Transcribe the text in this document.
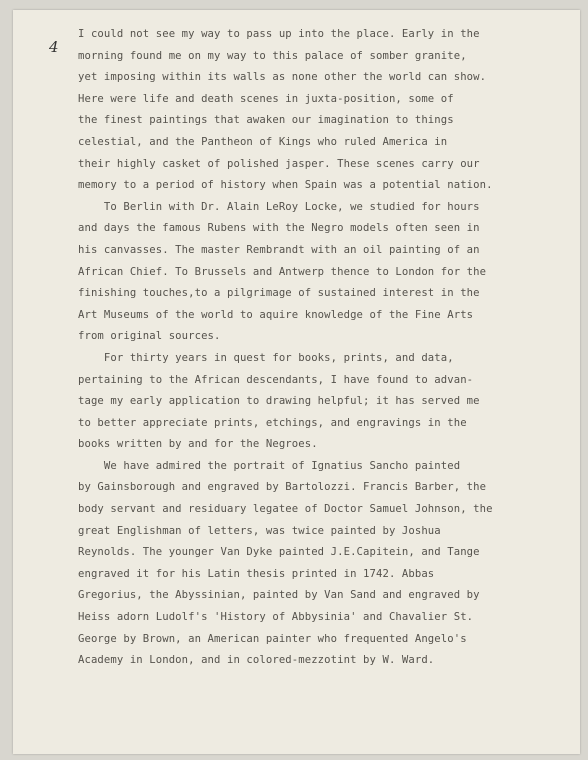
4
I could not see my way to pass up into the place. Early in the
morning found me on my way to this palace of somber granite,
yet imposing within its walls as none other the world can show.
Here were life and death scenes in juxta-position, some of
the finest paintings that awaken our imagination to things
celestial, and the Pantheon of Kings who ruled America in
their highly casket of polished jasper. These scenes carry our
memory to a period of history when Spain was a potential nation.
To Berlin with Dr. Alain LeRoy Locke, we studied for hours
and days the famous Rubens with the Negro models often seen in
his canvasses. The master Rembrandt with an oil painting of an
African Chief. To Brussels and Antwerp thence to London for the
finishing touches,to a pilgrimage of sustained interest in the
Art Museums of the world to aquire knowledge of the Fine Arts
from original sources.
For thirty years in quest for books, prints, and data,
pertaining to the African descendants, I have found to advan-
tage my early application to drawing helpful; it has served me
to better appreciate prints, etchings, and engravings in the
books written by and for the Negroes.
We have admired the portrait of Ignatius Sancho painted
by Gainsborough and engraved by Bartolozzi. Francis Barber, the
body servant and residuary legatee of Doctor Samuel Johnson, the
great Englishman of letters, was twice painted by Joshua
Reynolds. The younger Van Dyke painted J.E.Capitein, and Tange
engraved it for his Latin thesis printed in 1742. Abbas
Gregorius, the Abyssinian, painted by Van Sand and engraved by
Heiss adorn Ludolf's 'History of Abbysinia' and Chavalier St.
George by Brown, an American painter who frequented Angelo's
Academy in London, and in colored-mezzotint by W. Ward.
